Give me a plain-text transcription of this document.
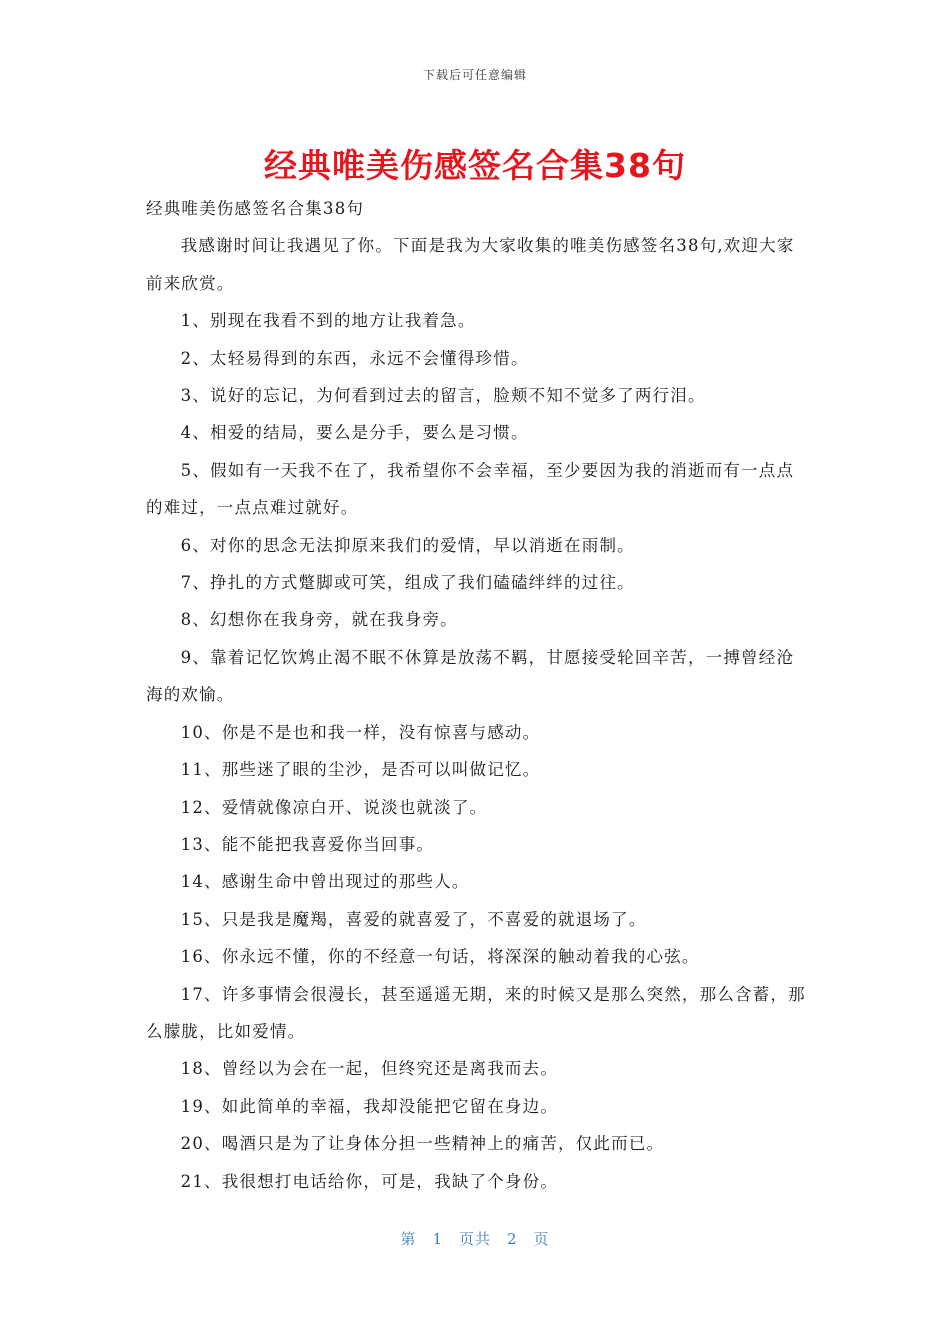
下载后可任意编辑
经典唯美伤感签名合集38句

经典唯美伤感签名合集38句

我感谢时间让我遇见了你。下面是我为大家收集的唯美伤感签名38句,欢迎大家前来欣赏。

1、别现在我看不到的地方让我着急。

2、太轻易得到的东西，永远不会懂得珍惜。

3、说好的忘记，为何看到过去的留言，脸颊不知不觉多了两行泪。

4、相爱的结局，要么是分手，要么是习惯。

5、假如有一天我不在了，我希望你不会幸福，至少要因为我的消逝而有一点点的难过，一点点难过就好。

6、对你的思念无法抑原来我们的爱情，早以消逝在雨制。

7、挣扎的方式蹩脚或可笑，组成了我们磕磕绊绊的过往。

8、幻想你在我身旁，就在我身旁。

9、靠着记忆饮鸩止渴不眠不休算是放荡不羁，甘愿接受轮回辛苦，一搏曾经沧海的欢愉。

10、你是不是也和我一样，没有惊喜与感动。

11、那些迷了眼的尘沙，是否可以叫做记忆。

12、爱情就像凉白开、说淡也就淡了。

13、能不能把我喜爱你当回事。

14、感谢生命中曾出现过的那些人。

15、只是我是魔羯，喜爱的就喜爱了，不喜爱的就退场了。

16、你永远不懂，你的不经意一句话，将深深的触动着我的心弦。

17、许多事情会很漫长，甚至遥遥无期，来的时候又是那么突然，那么含蓄，那么朦胧，比如爱情。

18、曾经以为会在一起，但终究还是离我而去。

19、如此简单的幸福，我却没能把它留在身边。

20、喝酒只是为了让身体分担一些精神上的痛苦，仅此而已。

21、我很想打电话给你，可是，我缺了个身份。

第 1 页共 2 页
